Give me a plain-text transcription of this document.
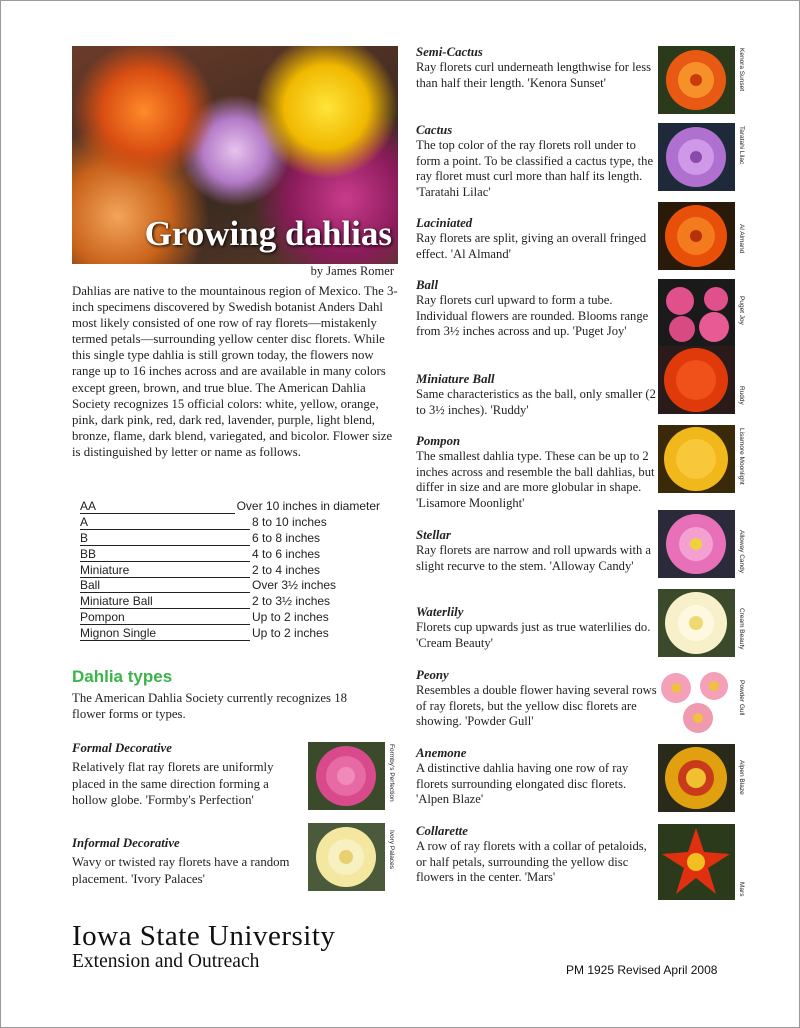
Growing dahlias
by James Romer

Dahlias are native to the mountainous region of Mexico. The 3-inch specimens discovered by Swedish botanist Anders Dahl most likely consisted of one row of ray florets—mistakenly termed petals—surrounding yellow center disc florets. While this single type dahlia is still grown today, the flowers now range up to 16 inches across and are available in many colors except green, brown, and true blue. The American Dahlia Society recognizes 15 official colors: white, yellow, orange, pink, dark pink, red, dark red, lavender, purple, light blend, bronze, flame, dark blend, variegated, and bicolor. Flower size is distinguished by letter or name as follows.

AA	Over 10 inches in diameter
A	8 to 10 inches
B	6 to 8 inches
BB	4 to 6 inches
Miniature	2 to 4 inches
Ball	Over 3½ inches
Miniature Ball	2 to 3½ inches
Pompon	Up to 2 inches
Mignon Single	Up to 2 inches
Dahlia types

The American Dahlia Society currently recognizes 18 flower forms or types.

Formal Decorative

Relatively flat ray florets are uniformly placed in the same direction forming a hollow globe. 'Formby's Perfection'	Formby's Perfection
Informal Decorative

Wavy or twisted ray florets have a random placement. 'Ivory Palaces'

Ivory Palaces
Semi-Cactus

Ray florets curl underneath lengthwise for less than half their length. 'Kenora Sunset'	Kenora Sunset
Cactus

The top color of the ray florets roll under to form a point. To be classified a cactus type, the ray floret must curl more than half its length. 'Taratahi Lilac'

Taratahi Lilac
Laciniated

Ray florets are split, giving an overall fringed effect. 'Al Almand'

Al Almand
Ball

Ray florets curl upward to form a tube. Individual flowers are rounded. Blooms range from 3½ inches across and up. 'Puget Joy'

Puget Joy
Miniature Ball

Same characteristics as the ball, only smaller (2 to 3½ inches). 'Ruddy'

Ruddy
Pompon

The smallest dahlia type. These can be up to 2 inches across and resemble the ball dahlias, but differ in size and are more globular in shape. 'Lisamore Moonlight'

Lisamore Moonlight
Stellar

Ray florets are narrow and roll upwards with a slight recurve to the stem. 'Alloway Candy'	Alloway Candy
Waterlily

Florets cup upwards just as true waterlilies do. 'Cream Beauty'	Cream Beauty
Peony

Resembles a double flower having several rows of ray florets, but the yellow disc florets are showing. 'Powder Gull'

Powder Gull
Anemone

A distinctive dahlia having one row of ray florets surrounding elongated disc florets. 'Alpen Blaze'

Alpen Blaze
Collarette

A row of ray florets with a collar of petaloids, or half petals, surrounding the yellow disc flowers in the center. 'Mars'

Mars
Iowa State University
Extension and Outreach	PM 1925 Revised April 2008
